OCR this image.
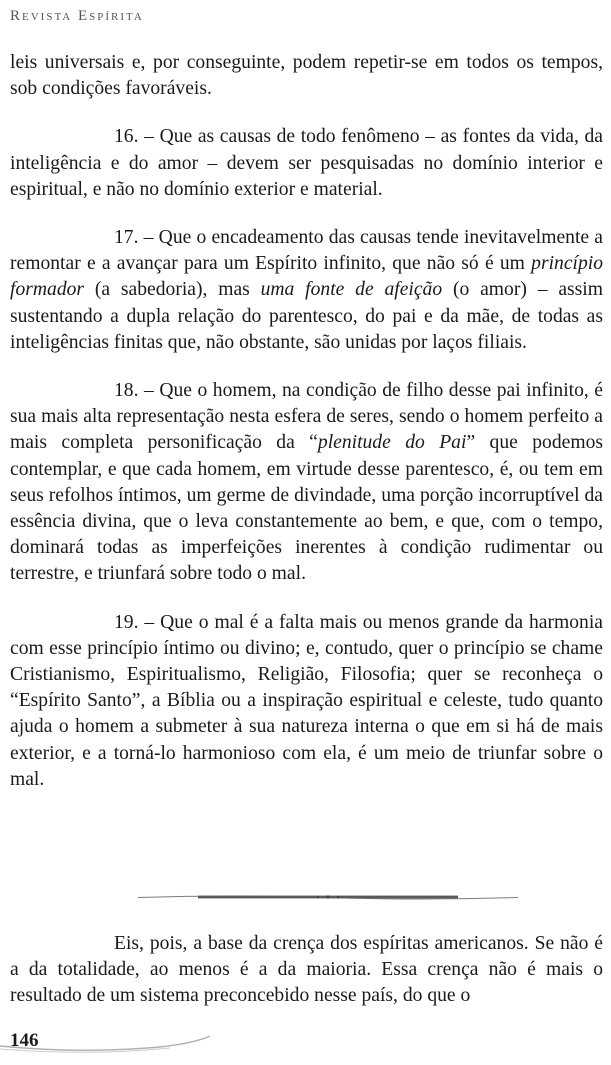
Revista Espírita

leis universais e, por conseguinte, podem repetir-se em todos os tempos, sob condições favoráveis.

16. – Que as causas de todo fenômeno – as fontes da vida, da inteligência e do amor – devem ser pesquisadas no domínio interior e espiritual, e não no domínio exterior e material.

17. – Que o encadeamento das causas tende inevitavelmente a remontar e a avançar para um Espírito infinito, que não só é um princípio formador (a sabedoria), mas uma fonte de afeição (o amor) – assim sustentando a dupla relação do parentesco, do pai e da mãe, de todas as inteligências finitas que, não obstante, são unidas por laços filiais.

18. – Que o homem, na condição de filho desse pai infinito, é sua mais alta representação nesta esfera de seres, sendo o homem perfeito a mais completa personificação da “plenitude do Pai” que podemos contemplar, e que cada homem, em virtude desse parentesco, é, ou tem em seus refolhos íntimos, um germe de divindade, uma porção incorruptível da essência divina, que o leva constantemente ao bem, e que, com o tempo, dominará todas as imperfeições inerentes à condição rudimentar ou terrestre, e triunfará sobre todo o mal.

19. – Que o mal é a falta mais ou menos grande da harmonia com esse princípio íntimo ou divino; e, contudo, quer o princípio se chame Cristianismo, Espiritualismo, Religião, Filosofia; quer se reconheça o “Espírito Santo”, a Bíblia ou a inspiração espiritual e celeste, tudo quanto ajuda o homem a submeter à sua natureza interna o que em si há de mais exterior, e a torná-lo harmonioso com ela, é um meio de triunfar sobre o mal.

Eis, pois, a base da crença dos espíritas americanos. Se não é a da totalidade, ao menos é a da maioria. Essa crença não é mais o resultado de um sistema preconcebido nesse país, do que o

146
